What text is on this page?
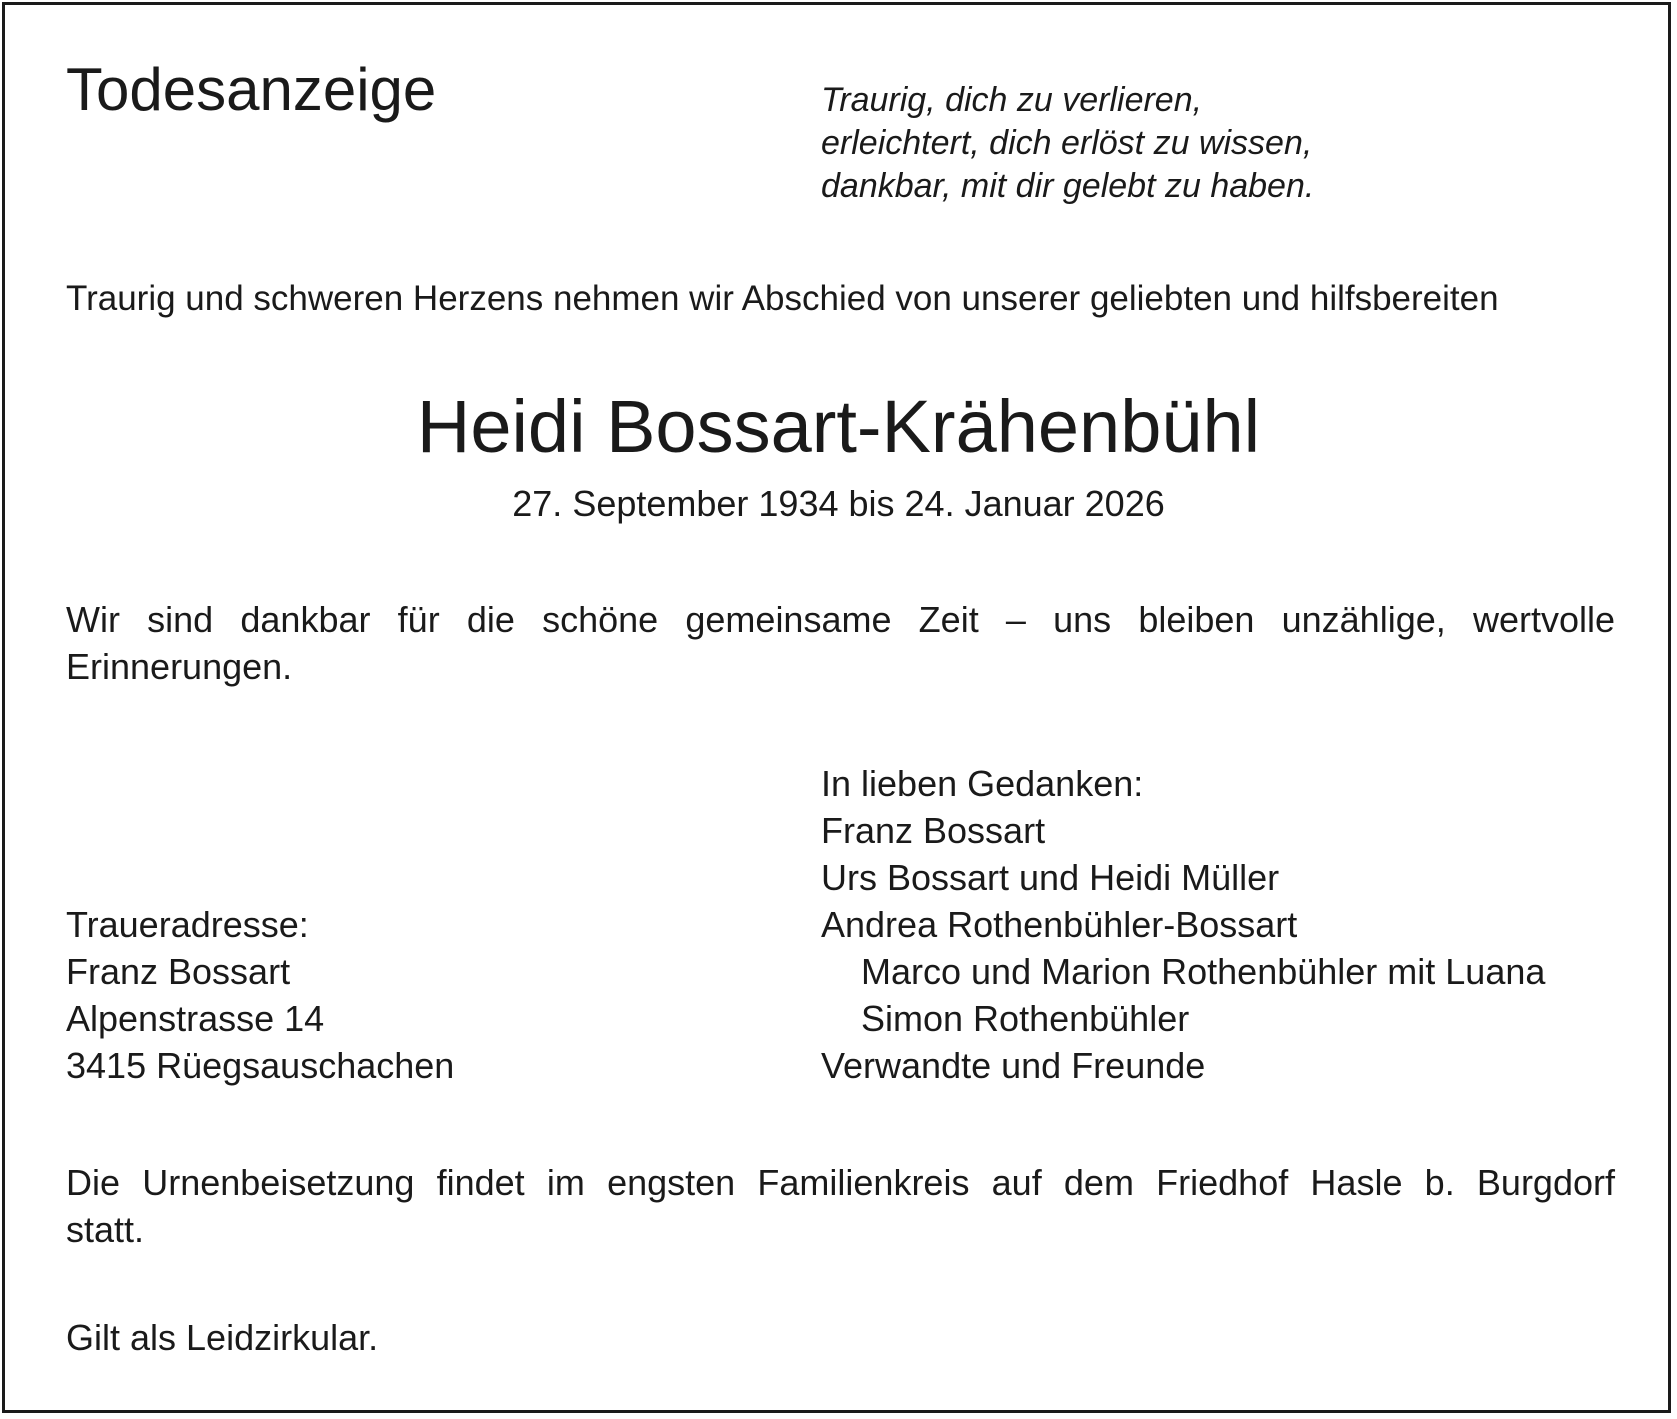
Todesanzeige	Traurig, dich zu verlieren,
erleichtert, dich erlöst zu wissen,
dankbar, mit dir gelebt zu haben.
Traurig und schweren Herzens nehmen wir Abschied von unserer geliebten und hilfsbereiten
Heidi Bossart-Krähenbühl
27. September 1934 bis 24. Januar 2026
Wir sind dankbar für die schöne gemeinsame Zeit – uns bleiben unzählige, wertvolle Erinnerungen.
In lieben Gedanken:
Franz Bossart
Urs Bossart und Heidi Müller
Andrea Rothenbühler-Bossart
Marco und Marion Rothenbühler mit Luana
Simon Rothenbühler
Verwandte und Freunde
Traueradresse:
Franz Bossart
Alpenstrasse 14
3415 Rüegsauschachen
Die Urnenbeisetzung findet im engsten Familienkreis auf dem Friedhof Hasle b. Burgdorf statt.
Gilt als Leidzirkular.
